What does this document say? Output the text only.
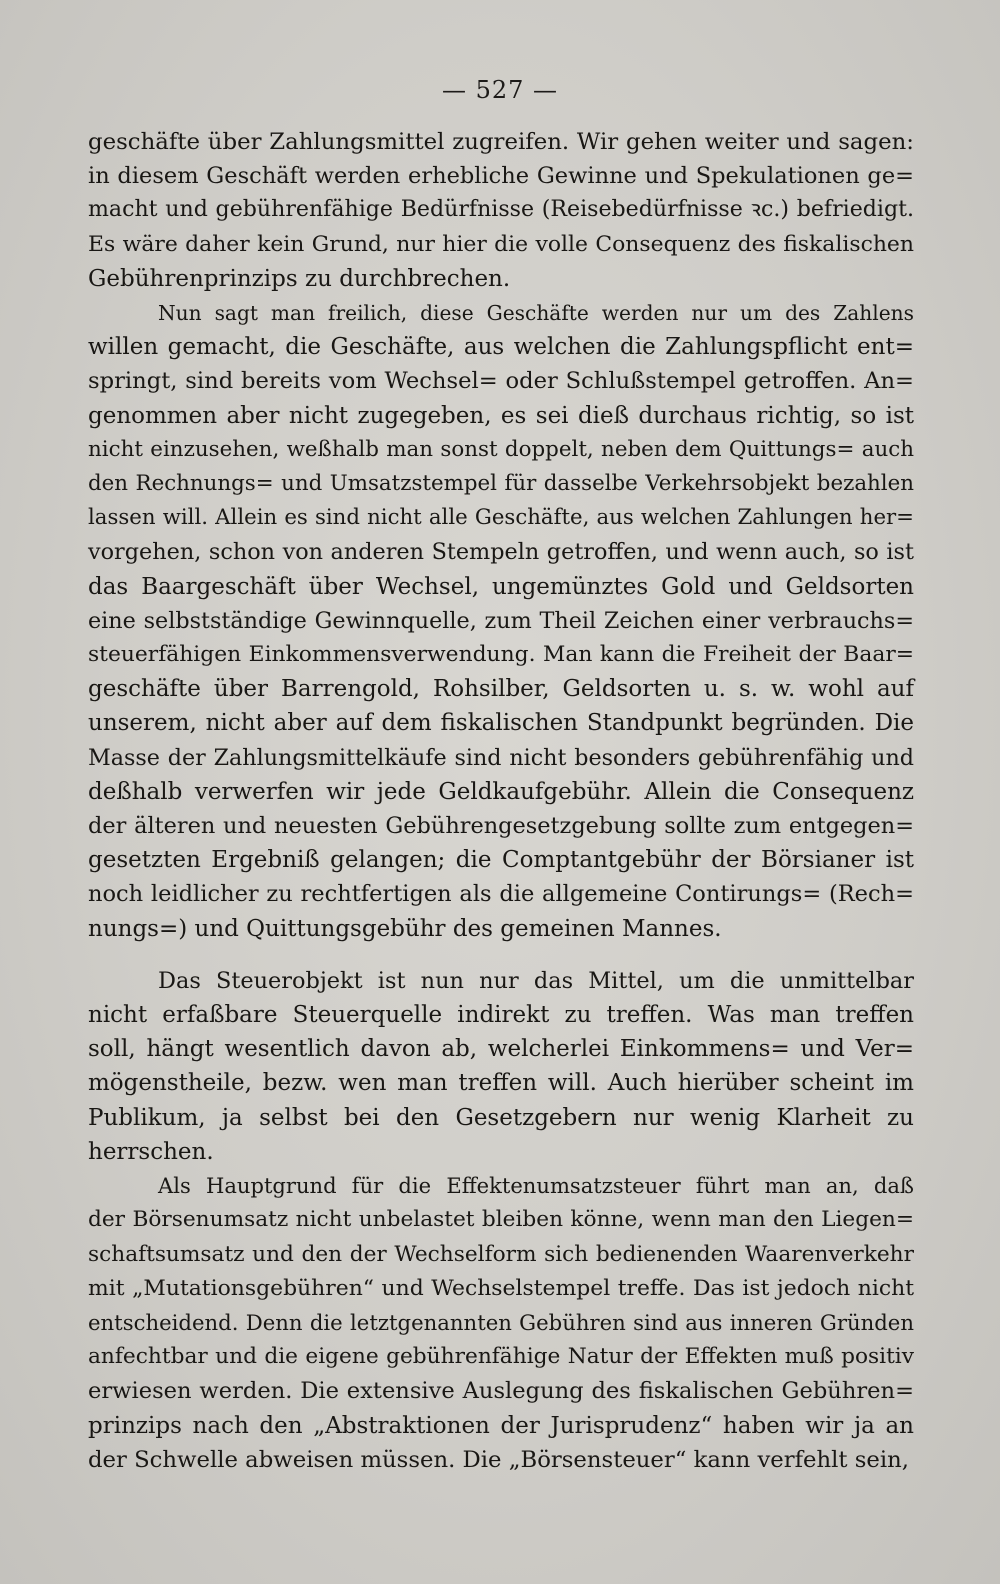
— 527 —

geschäfte über Zahlungsmittel zugreifen. Wir gehen weiter und sagen:
in diesem Geschäft werden erhebliche Gewinne und Spekulationen ge=
macht und gebührenfähige Bedürfnisse (Reisebedürfnisse ꝛc.) befriedigt.
Es wäre daher kein Grund, nur hier die volle Consequenz des fiskalischen
Gebührenprinzips zu durchbrechen.

Nun sagt man freilich, diese Geschäfte werden nur um des Zahlens
willen gemacht, die Geschäfte, aus welchen die Zahlungspflicht ent=
springt, sind bereits vom Wechsel= oder Schlußstempel getroffen. An=
genommen aber nicht zugegeben, es sei dieß durchaus richtig, so ist
nicht einzusehen, weßhalb man sonst doppelt, neben dem Quittungs= auch
den Rechnungs= und Umsatzstempel für dasselbe Verkehrsobjekt bezahlen
lassen will. Allein es sind nicht alle Geschäfte, aus welchen Zahlungen her=
vorgehen, schon von anderen Stempeln getroffen, und wenn auch, so ist
das Baargeschäft über Wechsel, ungemünztes Gold und Geldsorten
eine selbstständige Gewinnquelle, zum Theil Zeichen einer verbrauchs=
steuerfähigen Einkommensverwendung. Man kann die Freiheit der Baar=
geschäfte über Barrengold, Rohsilber, Geldsorten u. s. w. wohl auf
unserem, nicht aber auf dem fiskalischen Standpunkt begründen. Die
Masse der Zahlungsmittelkäufe sind nicht besonders gebührenfähig und
deßhalb verwerfen wir jede Geldkaufgebühr. Allein die Consequenz
der älteren und neuesten Gebührengesetzgebung sollte zum entgegen=
gesetzten Ergebniß gelangen; die Comptantgebühr der Börsianer ist
noch leidlicher zu rechtfertigen als die allgemeine Contirungs= (Rech=
nungs=) und Quittungsgebühr des gemeinen Mannes.

Das Steuerobjekt ist nun nur das Mittel, um die unmittelbar
nicht erfaßbare Steuerquelle indirekt zu treffen. Was man treffen
soll, hängt wesentlich davon ab, welcherlei Einkommens= und Ver=
mögenstheile, bezw. wen man treffen will. Auch hierüber scheint im
Publikum, ja selbst bei den Gesetzgebern nur wenig Klarheit zu
herrschen.

Als Hauptgrund für die Effektenumsatzsteuer führt man an, daß
der Börsenumsatz nicht unbelastet bleiben könne, wenn man den Liegen=
schaftsumsatz und den der Wechselform sich bedienenden Waarenverkehr
mit „Mutationsgebühren“ und Wechselstempel treffe. Das ist jedoch nicht
entscheidend. Denn die letztgenannten Gebühren sind aus inneren Gründen
anfechtbar und die eigene gebührenfähige Natur der Effekten muß positiv
erwiesen werden. Die extensive Auslegung des fiskalischen Gebühren=
prinzips nach den „Abstraktionen der Jurisprudenz“ haben wir ja an
der Schwelle abweisen müssen. Die „Börsensteuer“ kann verfehlt sein,
